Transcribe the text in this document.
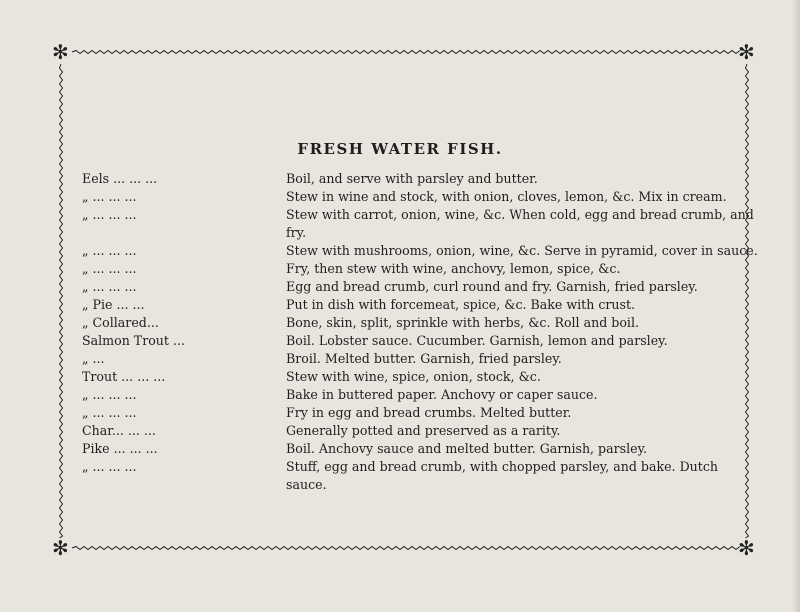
✻	✻
✻	✻
FRESH WATER FISH.
Eels ... ... ...	Boil, and serve with parsley and butter.
„ ... ... ...	Stew in wine and stock, with onion, cloves, lemon, &c. Mix in cream.
„ ... ... ...	Stew with carrot, onion, wine, &c. When cold, egg and bread crumb, and fry.
„ ... ... ...	Stew with mushrooms, onion, wine, &c. Serve in pyramid, cover in sauce.
„ ... ... ...	Fry, then stew with wine, anchovy, lemon, spice, &c.
„ ... ... ...	Egg and bread crumb, curl round and fry. Garnish, fried parsley.
„ Pie ... ...	Put in dish with forcemeat, spice, &c. Bake with crust.
„ Collared...	Bone, skin, split, sprinkle with herbs, &c. Roll and boil.
Salmon Trout ...	Boil. Lobster sauce. Cucumber. Garnish, lemon and parsley.
„ ...	Broil. Melted butter. Garnish, fried parsley.
Trout ... ... ...	Stew with wine, spice, onion, stock, &c.
„ ... ... ...	Bake in buttered paper. Anchovy or caper sauce.
„ ... ... ...	Fry in egg and bread crumbs. Melted butter.
Char... ... ...	Generally potted and preserved as a rarity.
Pike ... ... ...	Boil. Anchovy sauce and melted butter. Garnish, parsley.
„ ... ... ...	Stuff, egg and bread crumb, with chopped parsley, and bake. Dutch sauce.
